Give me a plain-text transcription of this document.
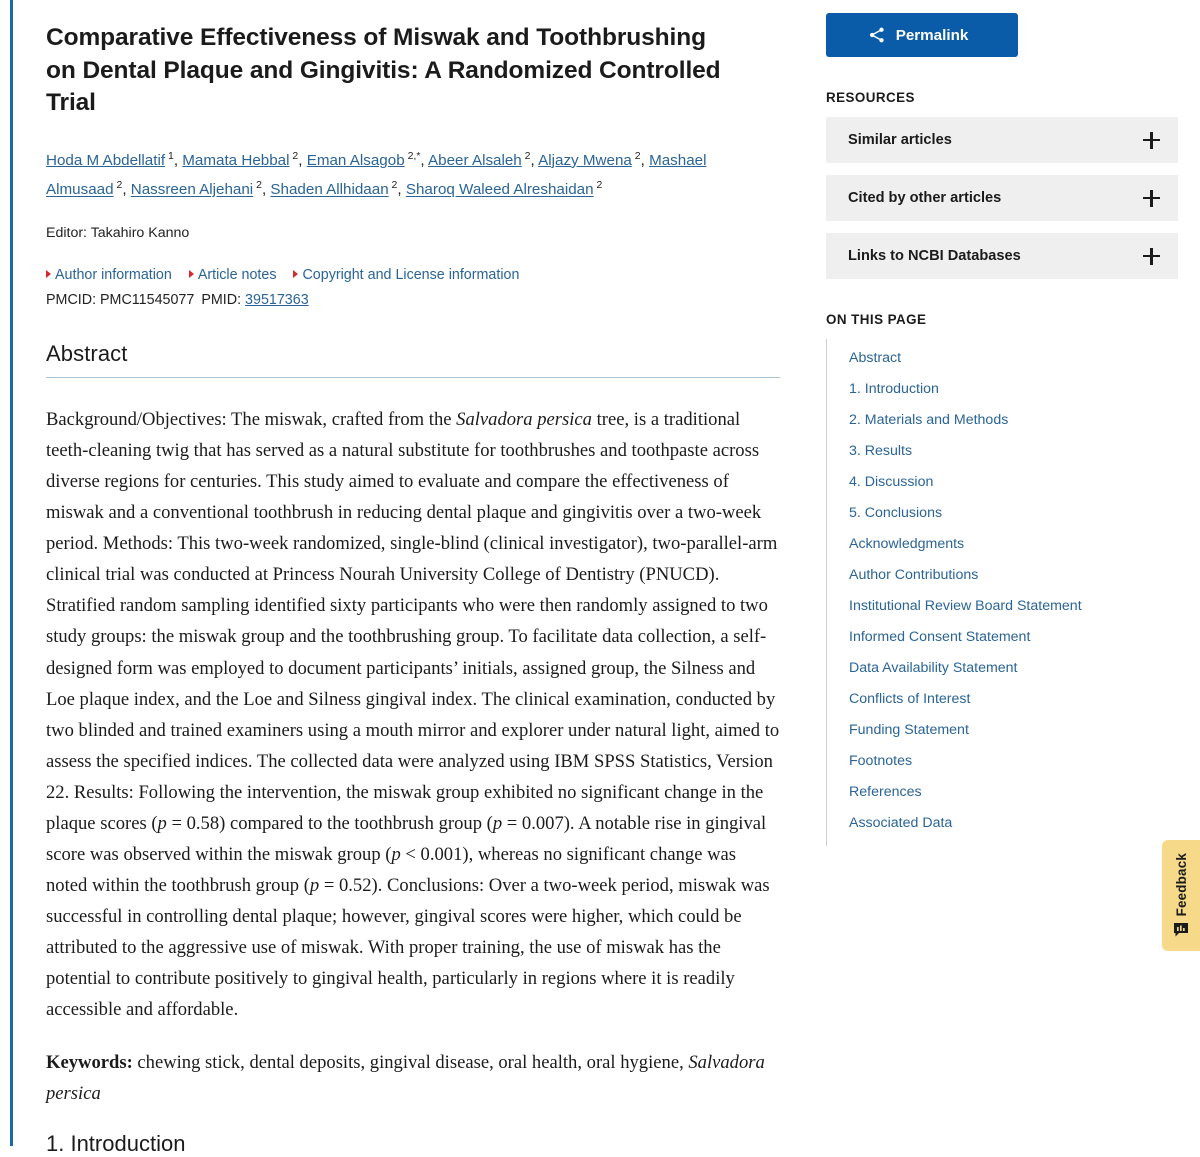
Comparative Effectiveness of Miswak and Toothbrushing on Dental Plaque and Gingivitis: A Randomized Controlled Trial
Hoda M Abdellatif $^1$, Mamata Hebbal $^2$, Eman Alsagob $^{2,*}$, Abeer Alsaleh $^2$, Aljazy Mwena $^2$, Mashael Almusaad $^2$, Nassreen Aljehani $^2$, Shaden Allhidaan $^2$, Sharoq Waleed Alreshaidan $^2$
Editor: Takahiro Kanno
Author information Article notes Copyright and License information
PMCID: PMC11545077 PMID: 39517363
Abstract

Background/Objectives: The miswak, crafted from the Salvadora persica tree, is a traditional teeth-cleaning twig that has served as a natural substitute for toothbrushes and toothpaste across diverse regions for centuries. This study aimed to evaluate and compare the effectiveness of miswak and a conventional toothbrush in reducing dental plaque and gingivitis over a two-week period. Methods: This two-week randomized, single-blind (clinical investigator), two-parallel-arm clinical trial was conducted at Princess Nourah University College of Dentistry (PNUCD). Stratified random sampling identified sixty participants who were then randomly assigned to two study groups: the miswak group and the toothbrushing group. To facilitate data collection, a self-designed form was employed to document participants’ initials, assigned group, the Silness and Loe plaque index, and the Loe and Silness gingival index. The clinical examination, conducted by two blinded and trained examiners using a mouth mirror and explorer under natural light, aimed to assess the specified indices. The collected data were analyzed using IBM SPSS Statistics, Version 22. Results: Following the intervention, the miswak group exhibited no significant change in the plaque scores (p = 0.58) compared to the toothbrush group (p = 0.007). A notable rise in gingival score was observed within the miswak group (p < 0.001), whereas no significant change was noted within the toothbrush group (p = 0.52). Conclusions: Over a two-week period, miswak was successful in controlling dental plaque; however, gingival scores were higher, which could be attributed to the aggressive use of miswak. With proper training, the use of miswak has the potential to contribute positively to gingival health, particularly in regions where it is readily accessible and affordable.

Keywords: chewing stick, dental deposits, gingival disease, oral health, oral hygiene, Salvadora persica

1. Introduction
Permalink
RESOURCES
Similar articles
Cited by other articles
Links to NCBI Databases
ON THIS PAGE
Abstract
1. Introduction
2. Materials and Methods
3. Results
4. Discussion
5. Conclusions
Acknowledgments
Author Contributions
Institutional Review Board Statement
Informed Consent Statement
Data Availability Statement
Conflicts of Interest
Funding Statement
Footnotes
References
Associated Data
Feedback
